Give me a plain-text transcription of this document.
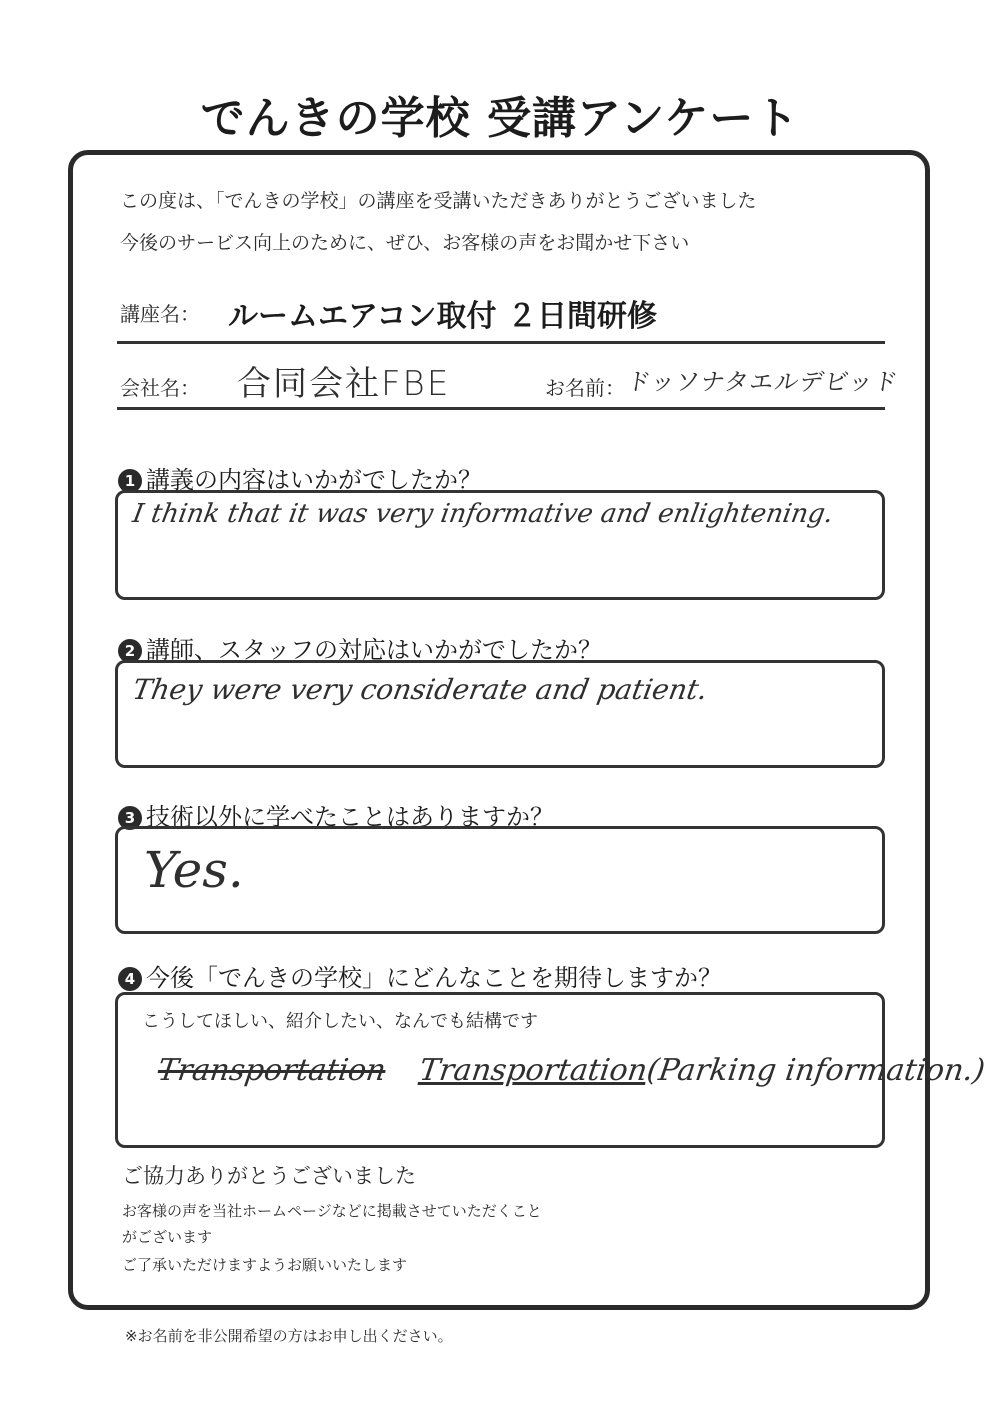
でんきの学校 受講アンケート
この度は、「でんきの学校」の講座を受講いただきありがとうございました
今後のサービス向上のために、ぜひ、お客様の声をお聞かせ下さい
講座名： ルームエアコン取付 ２日間研修
会社名： 合同会社FBE	お名前： ドッソナタエルデビッド
1 講義の内容はいかがでしたか？
I think that it was very informative and enlightening.
2 講師、スタッフの対応はいかがでしたか？
They were very considerate and patient.
3 技術以外に学べたことはありますか？
Yes.
4 今後「でんきの学校」にどんなことを期待しますか？
こうしてほしい、紹介したい、なんでも結構です
Transportation Transportation(Parking information.)
ご協力ありがとうございました
お客様の声を当社ホームページなどに掲載させていただくこと
がございます
ご了承いただけますようお願いいたします
※お名前を非公開希望の方はお申し出ください。
